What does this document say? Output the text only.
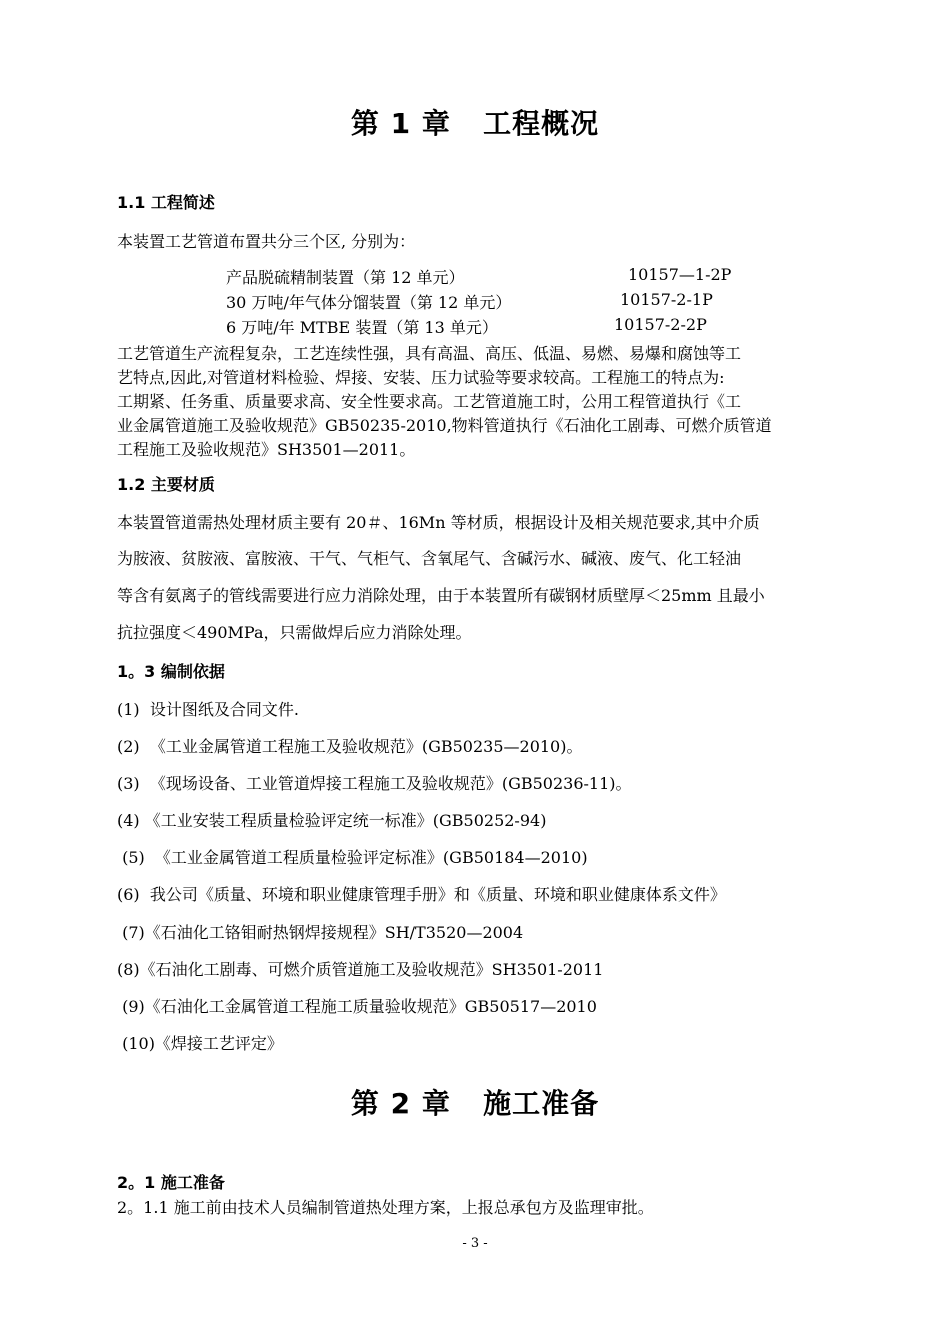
第 1 章   工程概况
1.1 工程简述
本装置工艺管道布置共分三个区, 分别为：
产品脱硫精制装置（第 12 单元）	10157—1-2P
30 万吨/年气体分馏装置（第 12 单元）	10157-2-1P
6 万吨/年 MTBE 装置（第 13 单元）	10157-2-2P
工艺管道生产流程复杂，工艺连续性强，具有高温、高压、低温、易燃、易爆和腐蚀等工
艺特点,因此,对管道材料检验、焊接、安装、压力试验等要求较高。工程施工的特点为:
工期紧、任务重、质量要求高、安全性要求高。工艺管道施工时，公用工程管道执行《工
业金属管道施工及验收规范》GB50235-2010,物料管道执行《石油化工剧毒、可燃介质管道
工程施工及验收规范》SH3501—2011。
1.2 主要材质
本装置管道需热处理材质主要有 20＃、16Mn 等材质，根据设计及相关规范要求,其中介质
为胺液、贫胺液、富胺液、干气、气柜气、含氧尾气、含碱污水、碱液、废气、化工轻油
等含有氨离子的管线需要进行应力消除处理，由于本装置所有碳钢材质壁厚＜25mm 且最小
抗拉强度＜490MPa，只需做焊后应力消除处理。
1。3 编制依据
(1)  设计图纸及合同文件.
(2)  《工业金属管道工程施工及验收规范》(GB50235—2010)。
(3)  《现场设备、工业管道焊接工程施工及验收规范》(GB50236-11)。
(4) 《工业安装工程质量检验评定统一标准》(GB50252-94)
(5)  《工业金属管道工程质量检验评定标准》(GB50184—2010)
(6)  我公司《质量、环境和职业健康管理手册》和《质量、环境和职业健康体系文件》
(7)《石油化工铬钼耐热钢焊接规程》SH/T3520—2004
(8)《石油化工剧毒、可燃介质管道施工及验收规范》SH3501-2011
(9)《石油化工金属管道工程施工质量验收规范》GB50517—2010
(10)《焊接工艺评定》
第 2 章   施工准备
2。1 施工准备
2。1.1 施工前由技术人员编制管道热处理方案，上报总承包方及监理审批。
- 3 -
